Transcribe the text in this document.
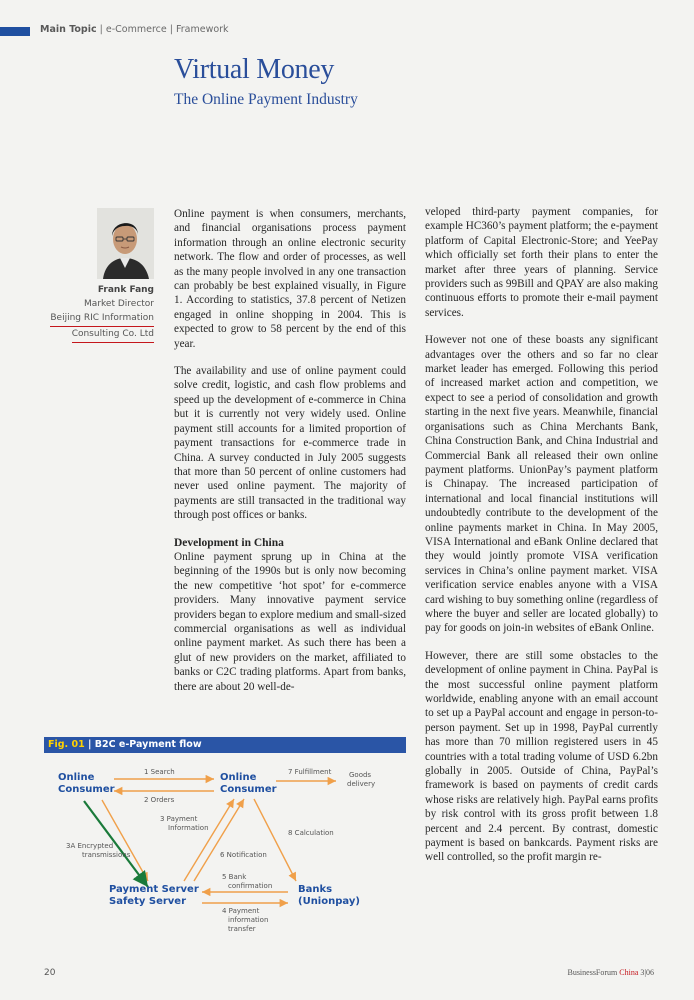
Main Topic | e-Commerce | Framework
Virtual Money
The Online Payment Industry
Frank Fang
Market Director
Beijing RIC Information
Consulting Co. Ltd

Online payment is when consumers, merchants, and financial organisations process payment information through an online electronic security network. The flow and order of processes, as well as the many people involved in any one transaction can probably be best explained visually, in Figure 1. According to statistics, 37.8 percent of Netizen engaged in online shopping in 2004. This is expected to grow to 58 percent by the end of this year.

The availability and use of online payment could solve credit, logistic, and cash flow problems and speed up the development of e-commerce in China but it is currently not very widely used. Online payment still accounts for a limited proportion of payment transactions for e-commerce trade in China. A survey conducted in July 2005 suggests that more than 50 percent of online customers had never used online payment. The majority of payments are still transacted in the traditional way through post offices or banks.

Development in China

Online payment sprung up in China at the beginning of the 1990s but is only now becoming the new competitive ‘hot spot’ for e-commerce providers. Many innovative payment service providers began to explore medium and small-sized commercial organisations as well as individual online payment market. As such there has been a glut of new providers on the market, affiliated to banks or C2C trading platforms. Apart from banks, there are about 20 well-de-

veloped third-party payment companies, for example HC360’s payment platform; the e-payment platform of Capital Electronic-Store; and YeePay which officially set forth their plans to enter the market after three years of planning. Service providers such as 99Bill and QPAY are also making continuous efforts to promote their e-mail payment services.

However not one of these boasts any significant advantages over the others and so far no clear market leader has emerged. Following this period of increased market action and competition, we expect to see a period of consolidation and growth starting in the next five years. Meanwhile, financial organisations such as China Merchants Bank, China Construction Bank, and China Industrial and Commercial Bank all released their own online payment platforms. UnionPay’s payment platform is Chinapay. The increased participation of international and local financial institutions will undoubtedly contribute to the development of the online payments market in China. In May 2005, VISA International and eBank Online declared that they would jointly promote VISA verification services in China’s online payment market. VISA verification service enables anyone with a VISA card wishing to buy something online (regardless of where the buyer and seller are located globally) to pay for goods on join-in websites of eBank Online.

However, there are still some obstacles to the development of online payment in China. PayPal is the most successful online payment platform worldwide, enabling anyone with an email account to set up a PayPal account and engage in person-to-person payment. Set up in 1998, PayPal currently has more than 70 million registered users in 45 countries with a total trading volume of USD 6.2bn globally in 2005. Outside of China, PayPal’s framework is based on payments of credit cards whose risks are relatively high. PayPal earns profits by risk control with its gross profit between 1.8 percent and 2.4 percent. By contrast, domestic payment is based on bankcards. Payment risks are well controlled, so the profit margin re-

Fig. 01 | B2C e-Payment flow
Online
Consumer
Online
Consumer
Goods
delivery
Payment Server
Safety Server
Banks
(Unionpay)
1 Search
2 Orders
3 Payment
Information
3A Encrypted
transmissions	6 Notification
7 Fulfillment
8 Calculation
5 Bank
confirmation
4 Payment
information
transfer
20	BusinessForum China 3|06
